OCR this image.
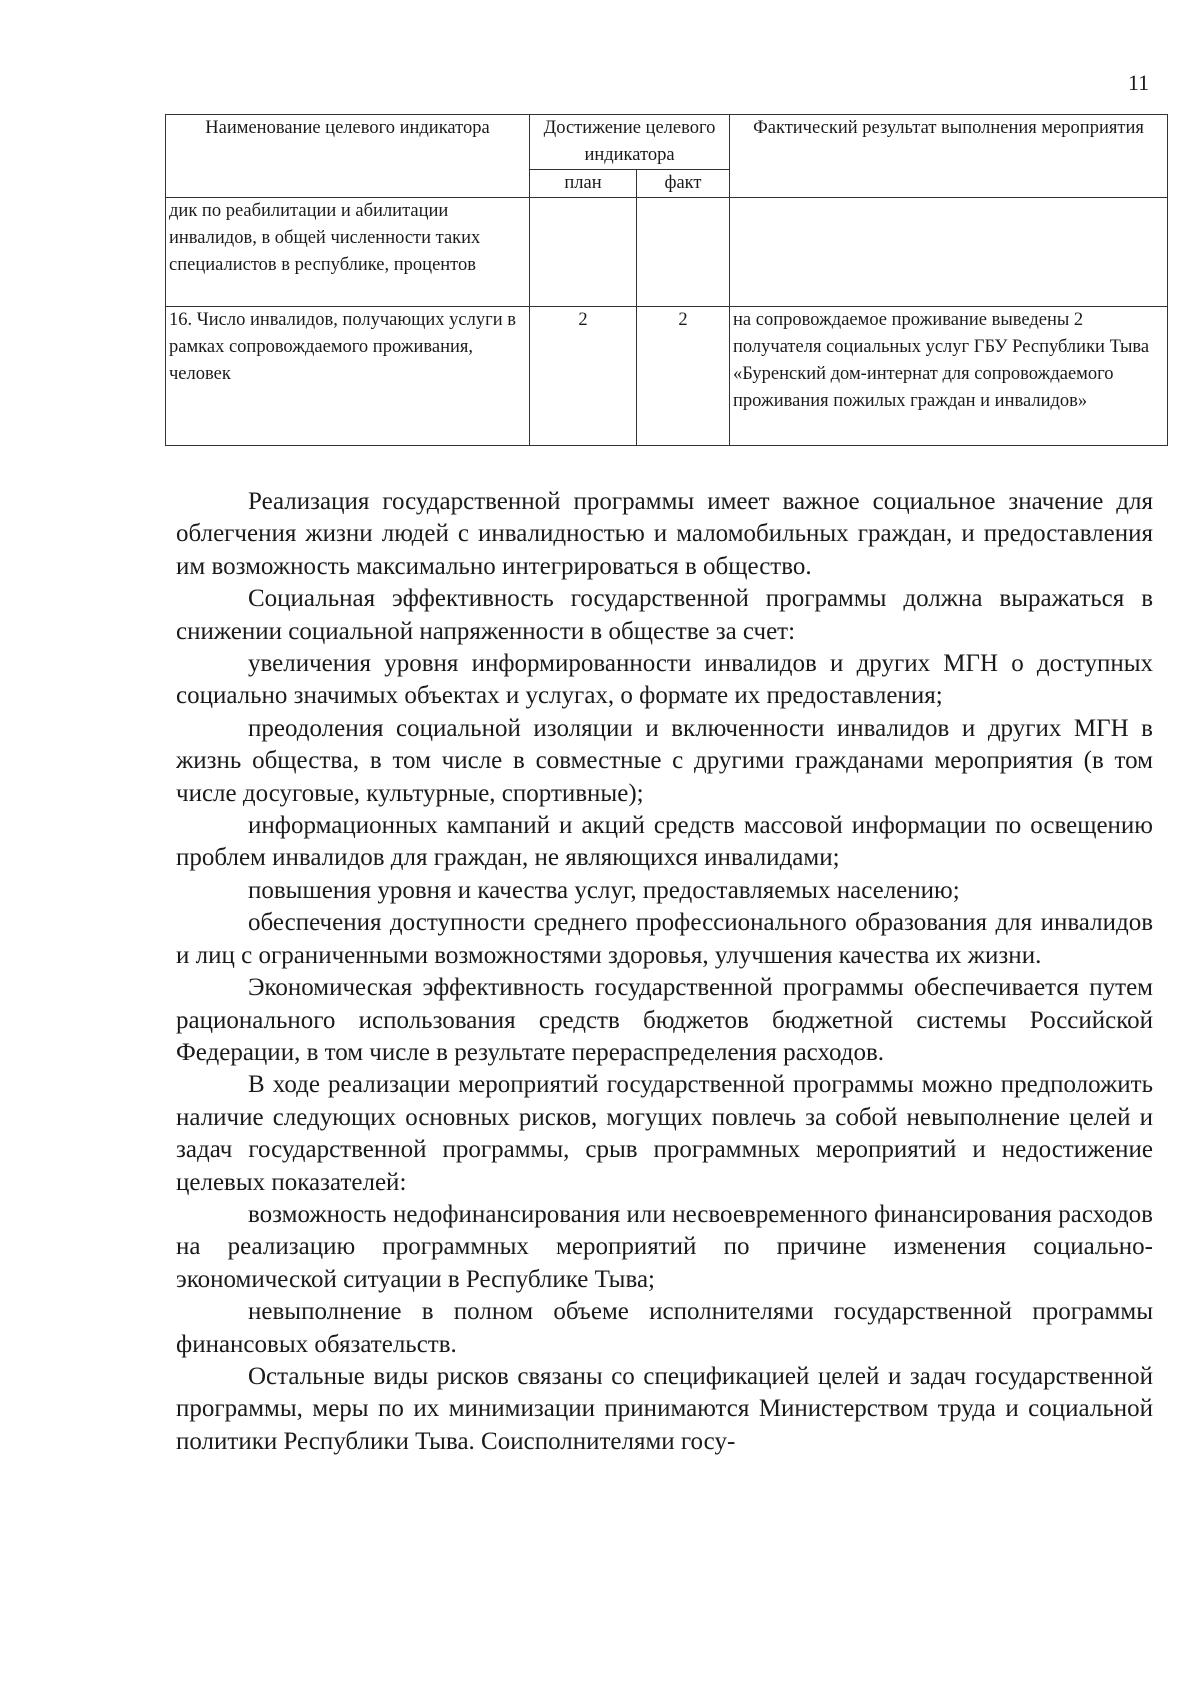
11
Наименование целевого индикатора	Достижение целевого индикатора		Фактический результат выполнения мероприятия
	план	факт	
дик по реабилитации и абилитации инвалидов, в общей численности таких специалистов в республике, процентов			
16. Число инвалидов, получающих услуги в рамках сопровождаемого проживания, человек	2	2	на сопровождаемое проживание выведены 2 получателя социальных услуг ГБУ Республики Тыва «Буренский дом-интернат для сопровождаемого проживания пожилых граждан и инвалидов»

Реализация государственной программы имеет важное социальное значение для облегчения жизни людей с инвалидностью и маломобильных граждан, и предоставления им возможность максимально интегрироваться в общество.

Социальная эффективность государственной программы должна выражаться в снижении социальной напряженности в обществе за счет:

увеличения уровня информированности инвалидов и других МГН о доступных социально значимых объектах и услугах, о формате их предоставления;

преодоления социальной изоляции и включенности инвалидов и других МГН в жизнь общества, в том числе в совместные с другими гражданами мероприятия (в том числе досуговые, культурные, спортивные);

информационных кампаний и акций средств массовой информации по освещению проблем инвалидов для граждан, не являющихся инвалидами;

повышения уровня и качества услуг, предоставляемых населению;

обеспечения доступности среднего профессионального образования для инвалидов и лиц с ограниченными возможностями здоровья, улучшения качества их жизни.

Экономическая эффективность государственной программы обеспечивается путем рационального использования средств бюджетов бюджетной системы Российской Федерации, в том числе в результате перераспределения расходов.

В ходе реализации мероприятий государственной программы можно предположить наличие следующих основных рисков, могущих повлечь за собой невыполнение целей и задач государственной программы, срыв программных мероприятий и недостижение целевых показателей:

возможность недофинансирования или несвоевременного финансирования расходов на реализацию программных мероприятий по причине изменения социально-экономической ситуации в Республике Тыва;

невыполнение в полном объеме исполнителями государственной программы финансовых обязательств.

Остальные виды рисков связаны со спецификацией целей и задач государственной программы, меры по их минимизации принимаются Министерством труда и социальной политики Республики Тыва. Соисполнителями госу-
